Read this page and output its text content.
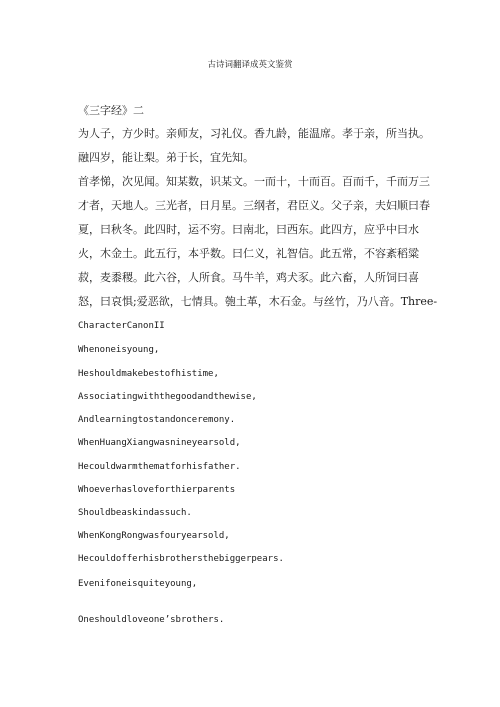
古诗词翻译成英文鉴赏
《三字经》二
为人子，方少时。亲师友，习礼仪。香九龄，能温席。孝于亲，所当执。
融四岁，能让梨。弟于长，宜先知。
首孝悌，次见闻。知某数，识某文。一而十，十而百。百而千，千而万三
才者，天地人。三光者，日月星。三纲者，君臣义。父子亲，夫妇顺曰春
夏，曰秋冬。此四时，运不穷。曰南北，曰西东。此四方，应乎中曰水
火，木金土。此五行，本乎数。曰仁义，礼智信。此五常，不容紊稻粱
菽，麦黍稷。此六谷，人所食。马牛羊，鸡犬豕。此六畜，人所饲曰喜
怒，曰哀惧;爱恶欲，七情具。匏土革，木石金。与丝竹，乃八音。Three-
CharacterCanonII
Whenoneisyoung,
Heshouldmakebestofhistime,
Associatingwiththegoodandthewise,
Andlearningtostandonceremony.
WhenHuangXiangwasnineyearsold,
Hecouldwarmthematforhisfather.
Whoeverhasloveforthierparents
Shouldbeaskindassuch.
WhenKongRongwasfouryearsold,
Hecouldofferhisbrothersthebiggerpears.
Evenifoneisquiteyoung,
Oneshouldloveone’sbrothers.
